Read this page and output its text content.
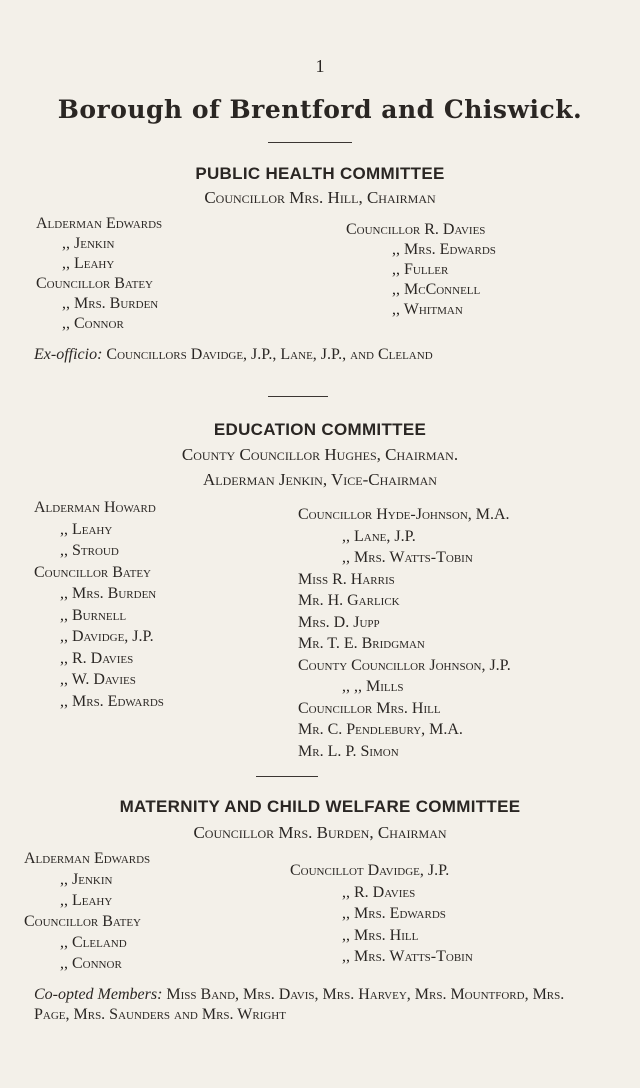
1
Borough of Brentford and Chiswick.
PUBLIC HEALTH COMMITTEE
Councillor Mrs. Hill, Chairman
Alderman Edwards
,, Jenkin
,, Leahy
Councillor Batey
,, Mrs. Burden
,, Connor
Councillor R. Davies
,, Mrs. Edwards
,, Fuller
,, McConnell
,, Whitman
Ex-officio: Councillors Davidge, J.P., Lane, J.P., and Cleland
EDUCATION COMMITTEE
County Councillor Hughes, Chairman.
Alderman Jenkin, Vice-Chairman
Alderman Howard
,, Leahy
,, Stroud
Councillor Batey
,, Mrs. Burden
,, Burnell
,, Davidge, J.P.
,, R. Davies
,, W. Davies
,, Mrs. Edwards
Councillor Hyde-Johnson, M.A.
,, Lane, J.P.
,, Mrs. Watts-Tobin
Miss R. Harris
Mr. H. Garlick
Mrs. D. Jupp
Mr. T. E. Bridgman
County Councillor Johnson, J.P.
,, ,, Mills
Councillor Mrs. Hill
Mr. C. Pendlebury, M.A.
Mr. L. P. Simon
MATERNITY AND CHILD WELFARE COMMITTEE
Councillor Mrs. Burden, Chairman
Alderman Edwards
,, Jenkin
,, Leahy
Councillor Batey
,, Cleland
,, Connor
Councillot Davidge, J.P.
,, R. Davies
,, Mrs. Edwards
,, Mrs. Hill
,, Mrs. Watts-Tobin
Co-opted Members: Miss Band, Mrs. Davis, Mrs. Harvey, Mrs. Mountford, Mrs. Page, Mrs. Saunders and Mrs. Wright
